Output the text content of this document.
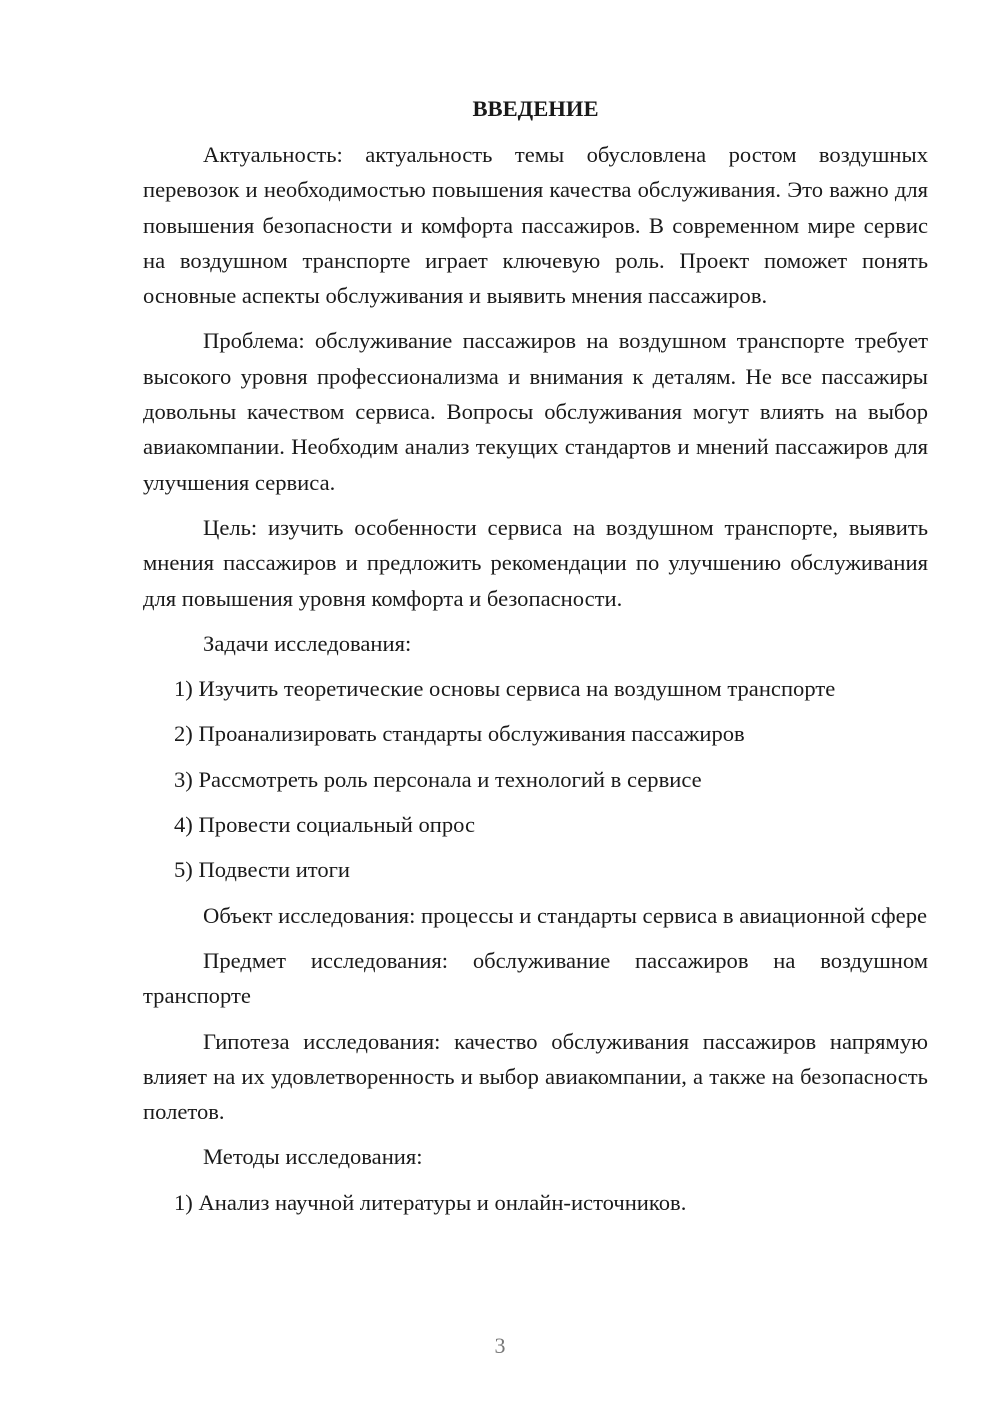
ВВЕДЕНИЕ

Актуальность: актуальность темы обусловлена ростом воздушных перевозок и необходимостью повышения качества обслуживания. Это важно для повышения безопасности и комфорта пассажиров. В современном мире сервис на воздушном транспорте играет ключевую роль. Проект поможет понять основные аспекты обслуживания и выявить мнения пассажиров.

Проблема: обслуживание пассажиров на воздушном транспорте требует высокого уровня профессионализма и внимания к деталям. Не все пассажиры довольны качеством сервиса. Вопросы обслуживания могут влиять на выбор авиакомпании. Необходим анализ текущих стандартов и мнений пассажиров для улучшения сервиса.

Цель: изучить особенности сервиса на воздушном транспорте, выявить мнения пассажиров и предложить рекомендации по улучшению обслуживания для повышения уровня комфорта и безопасности.

Задачи исследования:
1) Изучить теоретические основы сервиса на воздушном транспорте
2) Проанализировать стандарты обслуживания пассажиров
3) Рассмотреть роль персонала и технологий в сервисе
4) Провести социальный опрос
5) Подвести итоги

Объект исследования: процессы и стандарты сервиса в авиационной сфере

Предмет исследования: обслуживание пассажиров на воздушном транспорте

Гипотеза исследования: качество обслуживания пассажиров напрямую влияет на их удовлетворенность и выбор авиакомпании, а также на безопасность полетов.

Методы исследования:
1) Анализ научной литературы и онлайн-источников.
3
